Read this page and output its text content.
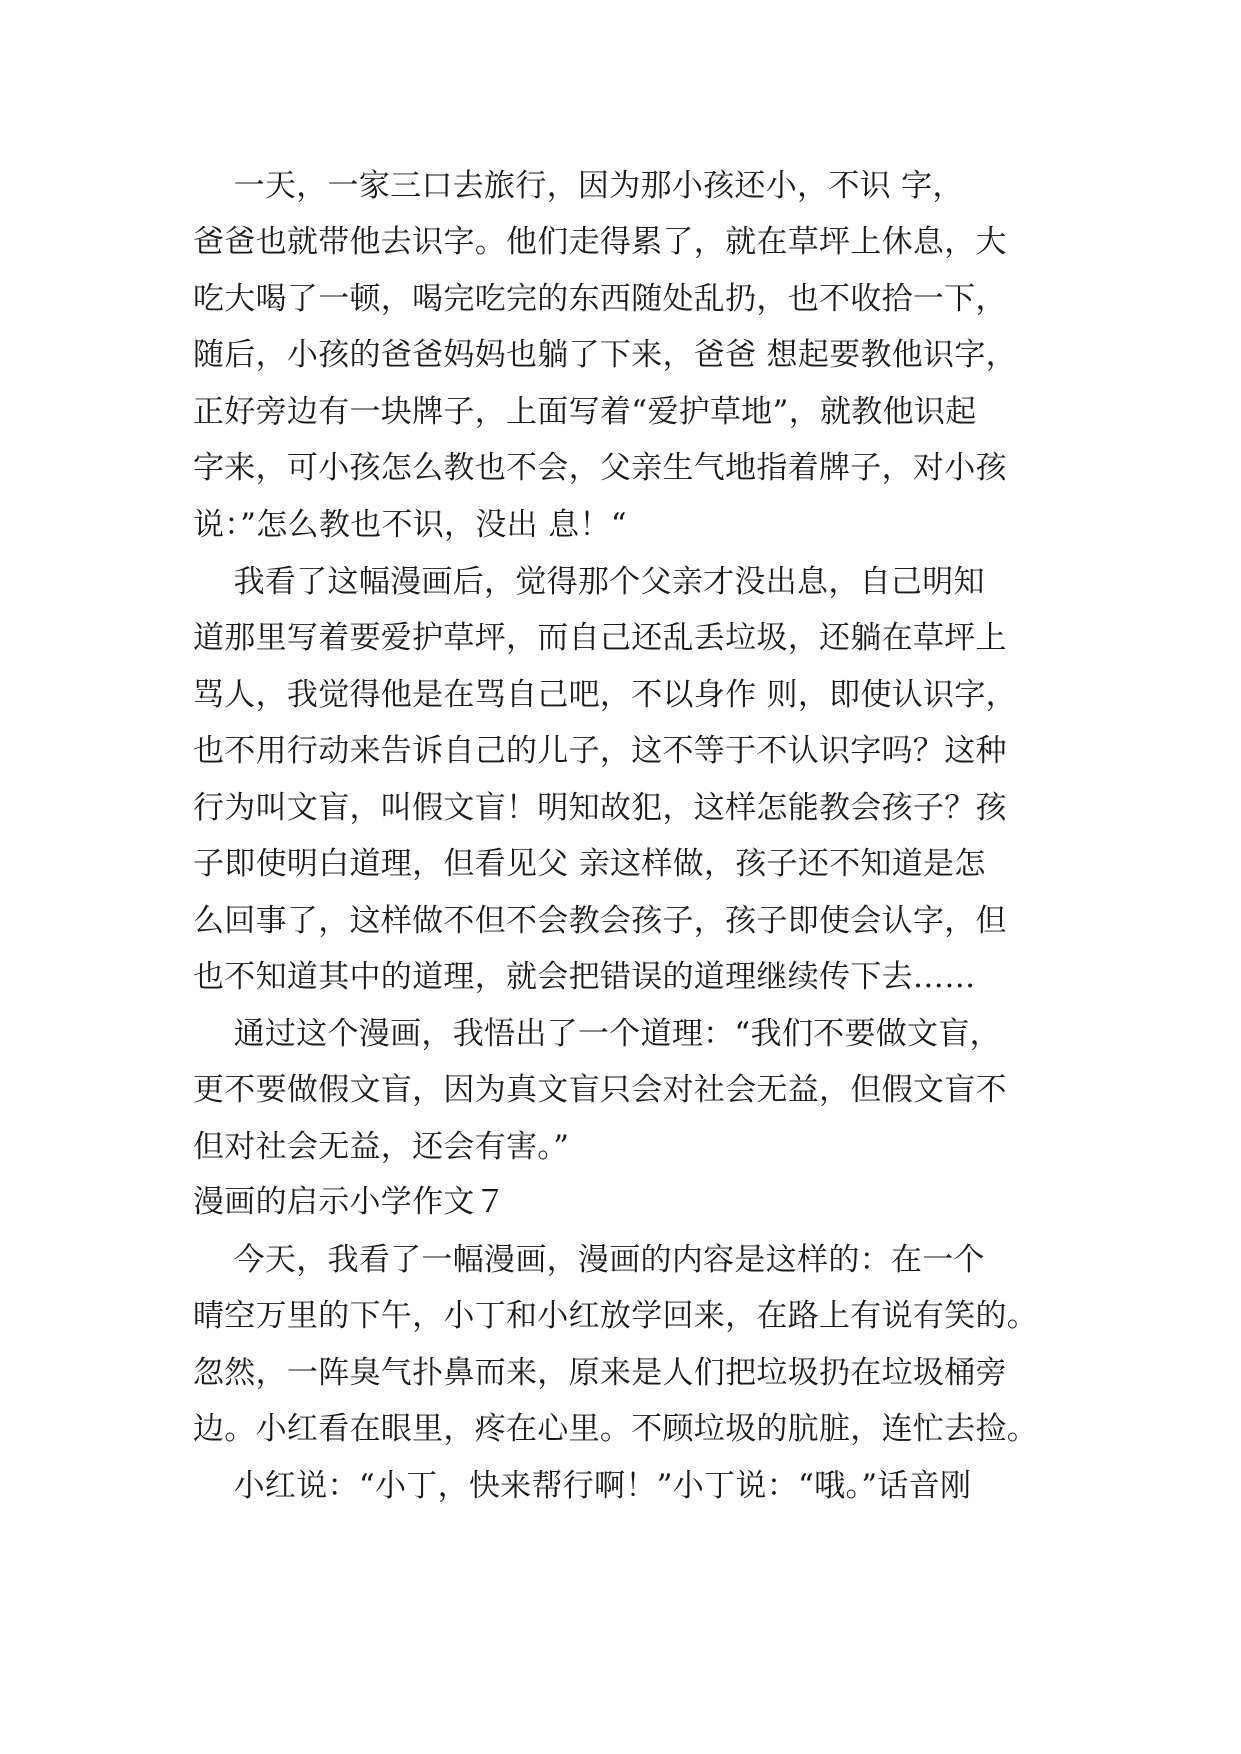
一天，一家三口去旅行，因为那小孩还小，不识 字，
爸爸也就带他去识字。他们走得累了，就在草坪上休息，大
吃大喝了一顿，喝完吃完的东西随处乱扔，也不收拾一下，
随后，小孩的爸爸妈妈也躺了下来，爸爸 想起要教他识字，
正好旁边有一块牌子，上面写着“爱护草地”，就教他识起
字来，可小孩怎么教也不会，父亲生气地指着牌子，对小孩
说：”怎么教也不识，没出 息！“
我看了这幅漫画后，觉得那个父亲才没出息，自己明知
道那里写着要爱护草坪，而自己还乱丢垃圾，还躺在草坪上
骂人，我觉得他是在骂自己吧，不以身作 则，即使认识字，
也不用行动来告诉自己的儿子，这不等于不认识字吗？这种
行为叫文盲，叫假文盲！明知故犯，这样怎能教会孩子？孩
子即使明白道理，但看见父 亲这样做，孩子还不知道是怎
么回事了，这样做不但不会教会孩子，孩子即使会认字，但
也不知道其中的道理，就会把错误的道理继续传下去……
通过这个漫画，我悟出了一个道理：“我们不要做文盲，
更不要做假文盲，因为真文盲只会对社会无益，但假文盲不
但对社会无益，还会有害。”
漫画的启示小学作文７
今天，我看了一幅漫画，漫画的内容是这样的：在一个
晴空万里的下午，小丁和小红放学回来，在路上有说有笑的。
忽然，一阵臭气扑鼻而来，原来是人们把垃圾扔在垃圾桶旁
边。小红看在眼里，疼在心里。不顾垃圾的肮脏，连忙去捡。
小红说：“小丁，快来帮行啊！”小丁说：“哦。”话音刚
